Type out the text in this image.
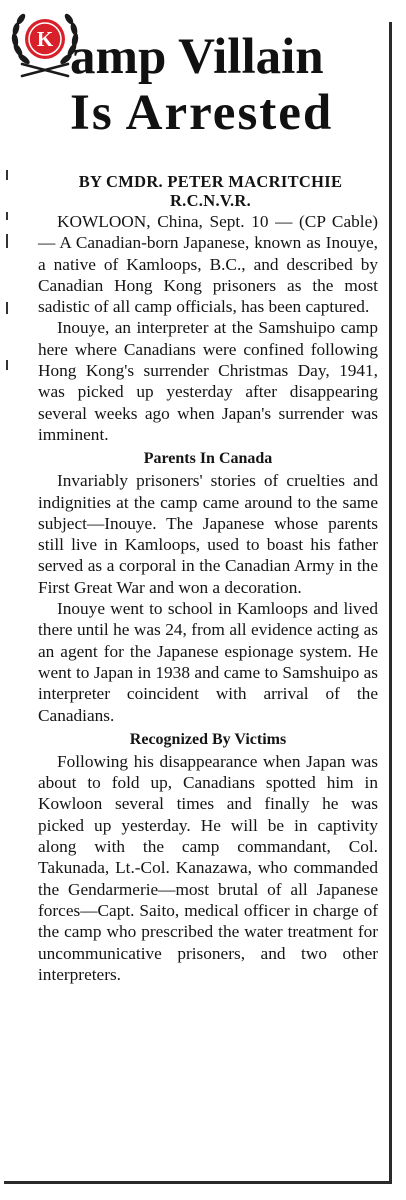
K amp Villain
Is Arrested
BY CMDR. PETER MACRITCHIE
R.C.N.V.R.

KOWLOON, China, Sept. 10 — (CP Cable) — A Canadian-born Japanese, known as Inouye, a native of Kamloops, B.C., and described by Canadian Hong Kong prisoners as the most sadistic of all camp officials, has been captured.

Inouye, an interpreter at the Samshuipo camp here where Canadians were confined following Hong Kong's surrender Christmas Day, 1941, was picked up yesterday after disappearing several weeks ago when Japan's surrender was imminent.

Parents In Canada

Invariably prisoners' stories of cruelties and indignities at the camp came around to the same subject—Inouye. The Japanese whose parents still live in Kamloops, used to boast his father served as a corporal in the Canadian Army in the First Great War and won a decoration.

Inouye went to school in Kamloops and lived there until he was 24, from all evidence acting as an agent for the Japanese espionage system. He went to Japan in 1938 and came to Samshuipo as interpreter coincident with arrival of the Canadians.

Recognized By Victims

Following his disappearance when Japan was about to fold up, Canadians spotted him in Kowloon several times and finally he was picked up yesterday. He will be in captivity along with the camp commandant, Col. Takunada, Lt.-Col. Kanazawa, who commanded the Gendarmerie—most brutal of all Japanese forces—Capt. Saito, medical officer in charge of the camp who prescribed the water treatment for uncommunicative prisoners, and two other interpreters.
